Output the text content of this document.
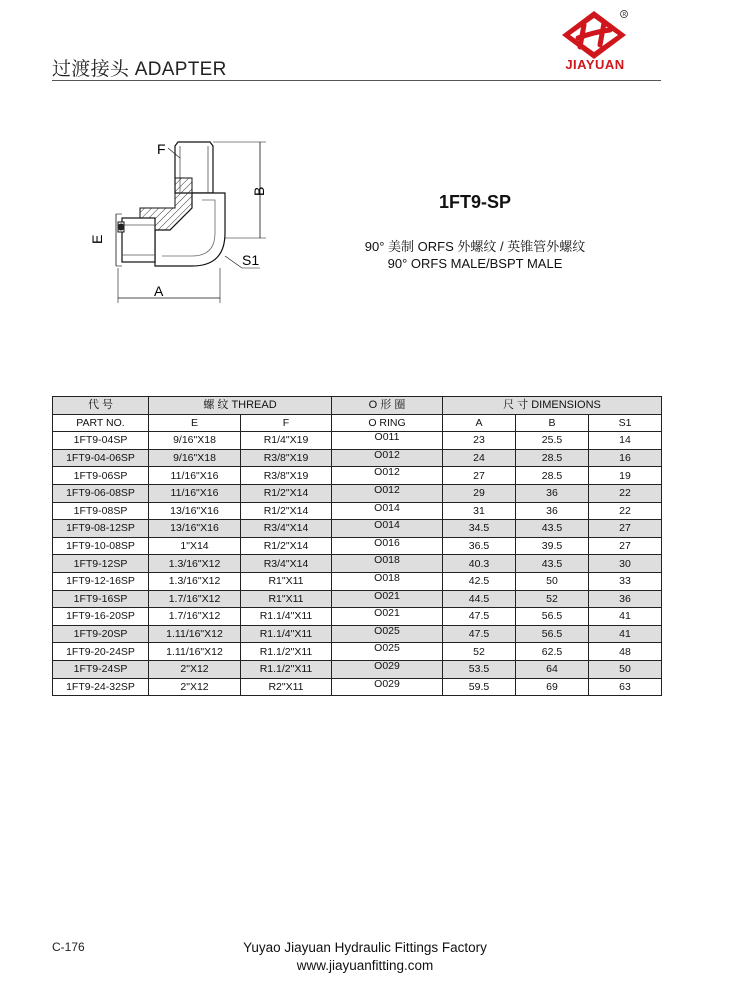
过渡接头 ADAPTER
R
JIAYUAN
F
B
E
A
S1
1FT9-SP
90° 美制 ORFS 外螺纹 / 英锥管外螺纹
90° ORFS MALE/BSPT MALE
代 号	螺 纹 THREAD		O 形 圈	尺 寸 DIMENSIONS		
PART NO.	E	F	O RING	A	B	S1
1FT9-04SP	9/16"X18	R1/4"X19	O011	23	25.5	14
1FT9-04-06SP	9/16"X18	R3/8"X19	O012	24	28.5	16
1FT9-06SP	11/16"X16	R3/8"X19	O012	27	28.5	19
1FT9-06-08SP	11/16"X16	R1/2"X14	O012	29	36	22
1FT9-08SP	13/16"X16	R1/2"X14	O014	31	36	22
1FT9-08-12SP	13/16"X16	R3/4"X14	O014	34.5	43.5	27
1FT9-10-08SP	1"X14	R1/2"X14	O016	36.5	39.5	27
1FT9-12SP	1.3/16"X12	R3/4"X14	O018	40.3	43.5	30
1FT9-12-16SP	1.3/16"X12	R1"X11	O018	42.5	50	33
1FT9-16SP	1.7/16"X12	R1"X11	O021	44.5	52	36
1FT9-16-20SP	1.7/16"X12	R1.1/4"X11	O021	47.5	56.5	41
1FT9-20SP	1.11/16"X12	R1.1/4"X11	O025	47.5	56.5	41
1FT9-20-24SP	1.11/16"X12	R1.1/2"X11	O025	52	62.5	48
1FT9-24SP	2"X12	R1.1/2"X11	O029	53.5	64	50
1FT9-24-32SP	2"X12	R2"X11	O029	59.5	69	63
C-176	Yuyao Jiayuan Hydraulic Fittings Factory
www.jiayuanfitting.com
